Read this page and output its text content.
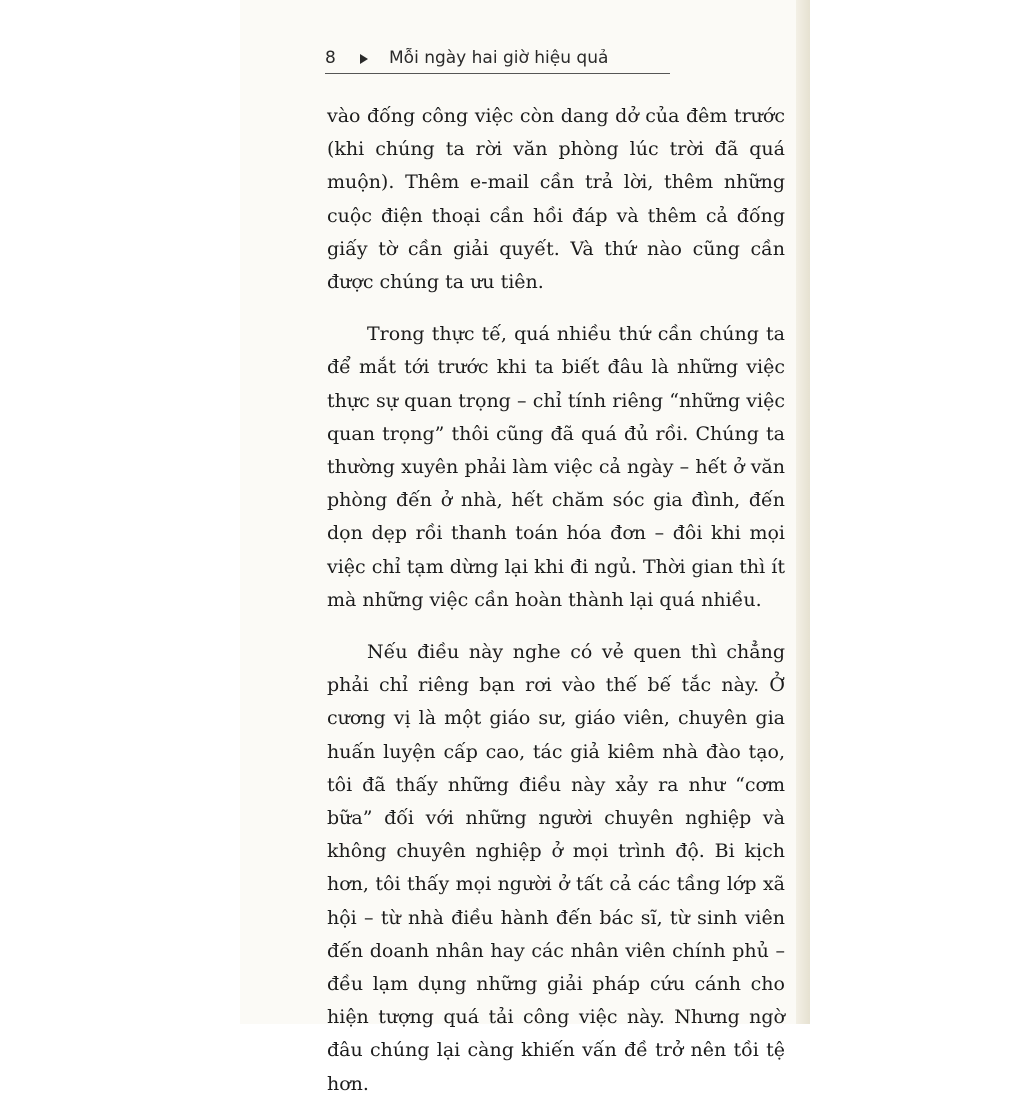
8	Mỗi ngày hai giờ hiệu quả

vào đống công việc còn dang dở của đêm trước (khi chúng ta rời văn phòng lúc trời đã quá muộn). Thêm e-mail cần trả lời, thêm những cuộc điện thoại cần hồi đáp và thêm cả đống giấy tờ cần giải quyết. Và thứ nào cũng cần được chúng ta ưu tiên.

Trong thực tế, quá nhiều thứ cần chúng ta để mắt tới trước khi ta biết đâu là những việc thực sự quan trọng – chỉ tính riêng “những việc quan trọng” thôi cũng đã quá đủ rồi. Chúng ta thường xuyên phải làm việc cả ngày – hết ở văn phòng đến ở nhà, hết chăm sóc gia đình, đến dọn dẹp rồi thanh toán hóa đơn – đôi khi mọi việc chỉ tạm dừng lại khi đi ngủ. Thời gian thì ít mà những việc cần hoàn thành lại quá nhiều.

Nếu điều này nghe có vẻ quen thì chẳng phải chỉ riêng bạn rơi vào thế bế tắc này. Ở cương vị là một giáo sư, giáo viên, chuyên gia huấn luyện cấp cao, tác giả kiêm nhà đào tạo, tôi đã thấy những điều này xảy ra như “cơm bữa” đối với những người chuyên nghiệp và không chuyên nghiệp ở mọi trình độ. Bi kịch hơn, tôi thấy mọi người ở tất cả các tầng lớp xã hội – từ nhà điều hành đến bác sĩ, từ sinh viên đến doanh nhân hay các nhân viên chính phủ – đều lạm dụng những giải pháp cứu cánh cho hiện tượng quá tải công việc này. Nhưng ngờ đâu chúng lại càng khiến vấn đề trở nên tồi tệ hơn.
